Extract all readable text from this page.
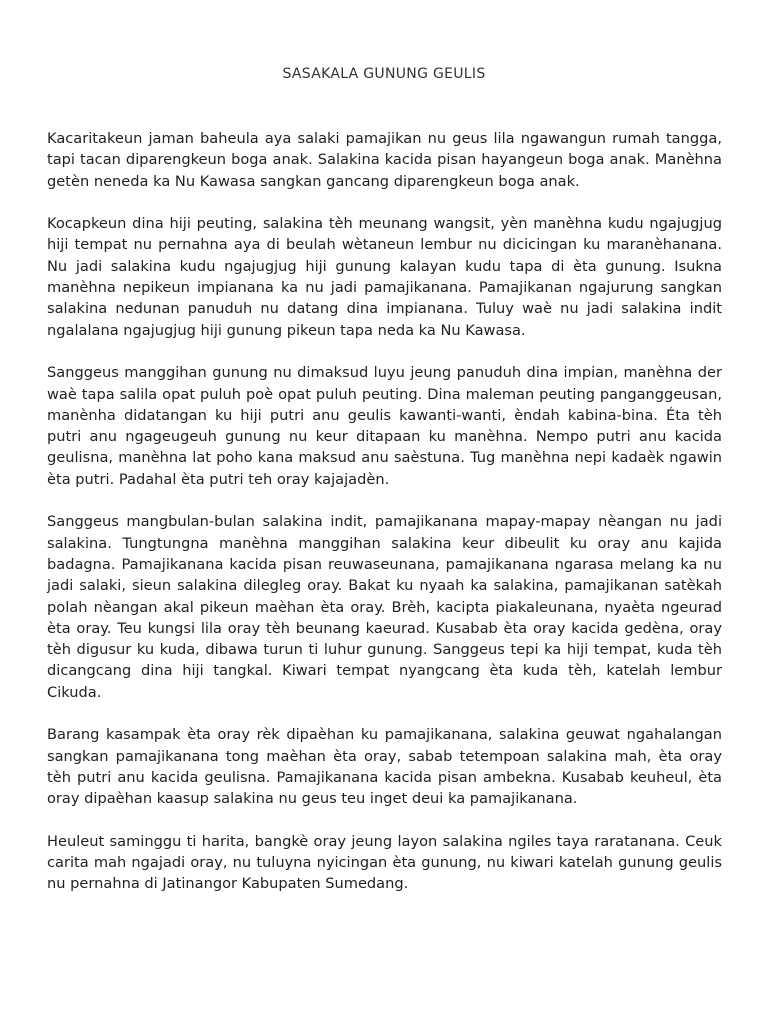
SASAKALA GUNUNG GEULIS

Kacaritakeun jaman baheula aya salaki pamajikan nu geus lila ngawangun rumah tangga, tapi tacan diparengkeun boga anak. Salakina kacida pisan hayangeun boga anak. Manèhna getèn neneda ka Nu Kawasa sangkan gancang diparengkeun boga anak.

Kocapkeun dina hiji peuting, salakina tèh meunang wangsit, yèn manèhna kudu ngajugjug hiji tempat nu pernahna aya di beulah wètaneun lembur nu dicicingan ku maranèhanana. Nu jadi salakina kudu ngajugjug hiji gunung kalayan kudu tapa di èta gunung. Isukna manèhna nepikeun impianana ka nu jadi pamajikanana. Pamajikanan ngajurung sangkan salakina nedunan panuduh nu datang dina impianana. Tuluy waè nu jadi salakina indit ngalalana ngajugjug hiji gunung pikeun tapa neda ka Nu Kawasa.

Sanggeus manggihan gunung nu dimaksud luyu jeung panuduh dina impian, manèhna der waè tapa salila opat puluh poè opat puluh peuting. Dina maleman peuting panganggeusan, manènha didatangan ku hiji putri anu geulis kawanti-wanti, èndah kabina-bina. Éta tèh putri anu ngageugeuh gunung nu keur ditapaan ku manèhna. Nempo putri anu kacida geulisna, manèhna lat poho kana maksud anu saèstuna. Tug manèhna nepi kadaèk ngawin èta putri. Padahal èta putri teh oray kajajadèn.

Sanggeus mangbulan-bulan salakina indit, pamajikanana mapay-mapay nèangan nu jadi salakina. Tungtungna manèhna manggihan salakina keur dibeulit ku oray anu kajida badagna. Pamajikanana kacida pisan reuwaseunana, pamajikanana ngarasa melang ka nu jadi salaki, sieun salakina dilegleg oray. Bakat ku nyaah ka salakina, pamajikanan satèkah polah nèangan akal pikeun maèhan èta oray. Brèh, kacipta piakaleunana, nyaèta ngeurad èta oray. Teu kungsi lila oray tèh beunang kaeurad. Kusabab èta oray kacida gedèna, oray tèh digusur ku kuda, dibawa turun ti luhur gunung. Sanggeus tepi ka hiji tempat, kuda tèh dicangcang dina hiji tangkal. Kiwari tempat nyangcang èta kuda tèh, katelah lembur Cikuda.

Barang kasampak èta oray rèk dipaèhan ku pamajikanana, salakina geuwat ngahalangan sangkan pamajikanana tong maèhan èta oray, sabab tetempoan salakina mah, èta oray tèh putri anu kacida geulisna. Pamajikanana kacida pisan ambekna. Kusabab keuheul, èta oray dipaèhan kaasup salakina nu geus teu inget deui ka pamajikanana.

Heuleut saminggu ti harita, bangkè oray jeung layon salakina ngiles taya raratanana. Ceuk carita mah ngajadi oray, nu tuluyna nyicingan èta gunung, nu kiwari katelah gunung geulis nu pernahna di Jatinangor Kabupaten Sumedang.
